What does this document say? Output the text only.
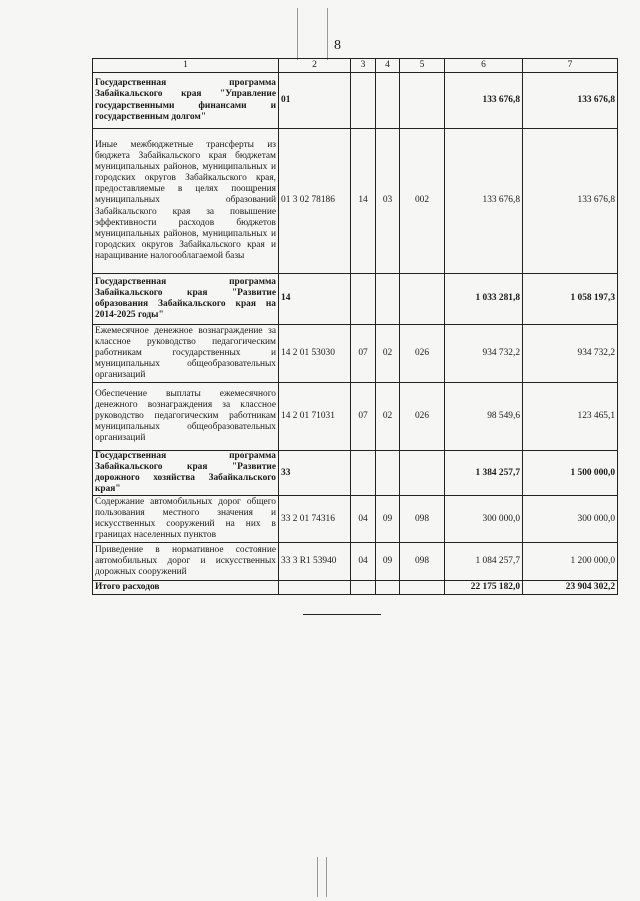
8
1	2	3	4	5	6	7
Государственная программа Забайкальского края "Управление государственными финансами и государственным долгом"	01				133 676,8	133 676,8
Иные межбюджетные трансферты из бюджета Забайкальского края бюджетам муниципальных районов, муниципальных и городских округов Забайкальского края, предоставляемые в целях поощрения муниципальных образований Забайкальского края за повышение эффективности расходов бюджетов муниципальных районов, муниципальных и городских округов Забайкальского края и наращивание налогооблагаемой базы	01 3 02 78186	14	03	002	133 676,8	133 676,8
Государственная программа Забайкальского края "Развитие образования Забайкальского края на 2014-2025 годы"	14				1 033 281,8	1 058 197,3
Ежемесячное денежное вознаграждение за классное руководство педагогическим работникам государственных и муниципальных общеобразовательных организаций	14 2 01 53030	07	02	026	934 732,2	934 732,2
Обеспечение выплаты ежемесячного денежного вознаграждения за классное руководство педагогическим работникам муниципальных общеобразовательных организаций	14 2 01 71031	07	02	026	98 549,6	123 465,1
Государственная программа Забайкальского края "Развитие дорожного хозяйства Забайкальского края"	33				1 384 257,7	1 500 000,0
Содержание автомобильных дорог общего пользования местного значения и искусственных сооружений на них в границах населенных пунктов	33 2 01 74316	04	09	098	300 000,0	300 000,0
Приведение в нормативное состояние автомобильных дорог и искусственных дорожных сооружений	33 3 R1 53940	04	09	098	1 084 257,7	1 200 000,0
Итого расходов					22 175 182,0	23 904 302,2
